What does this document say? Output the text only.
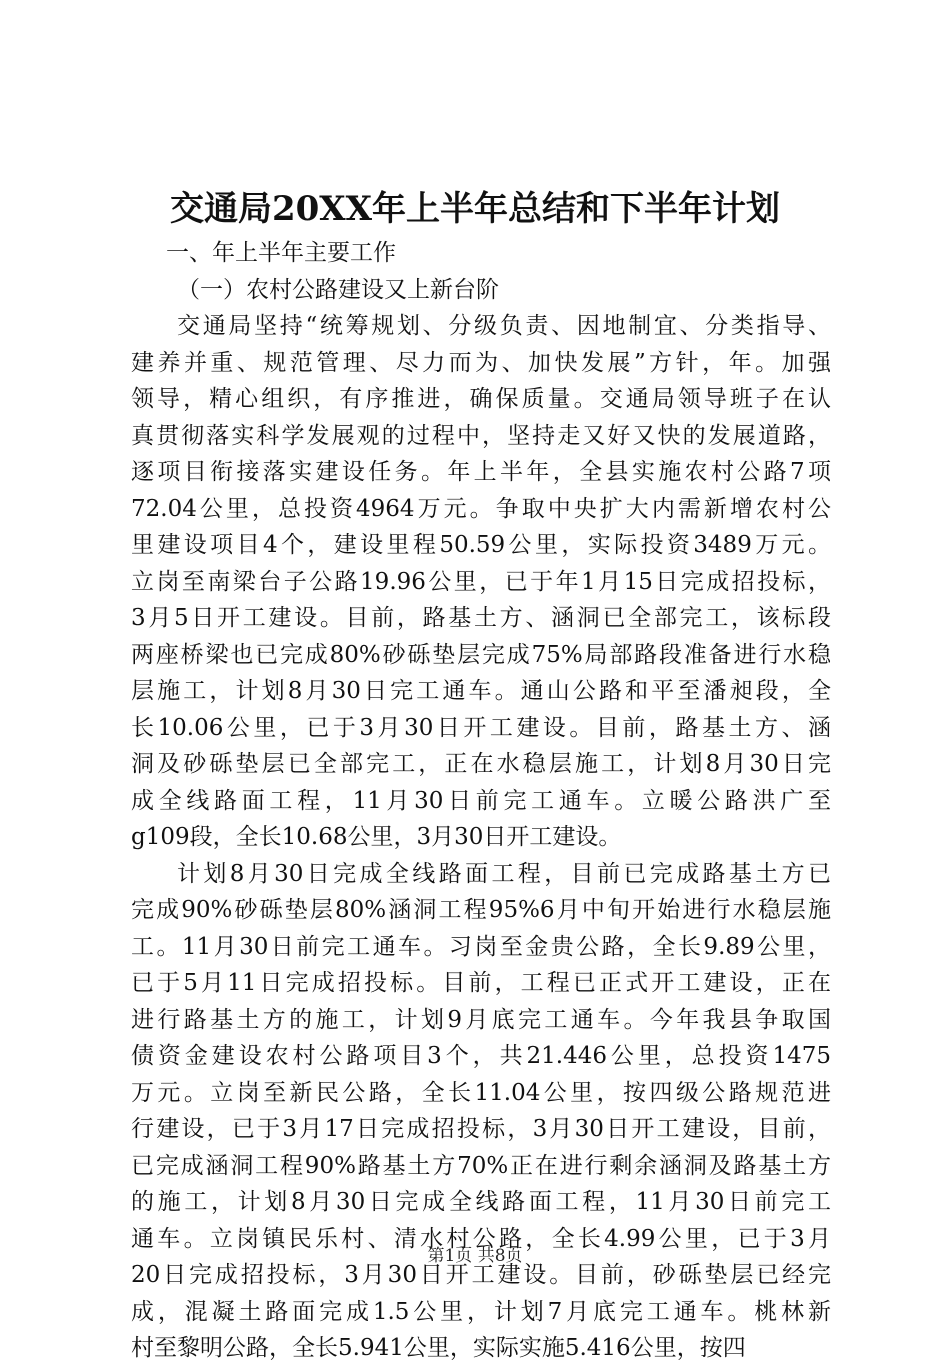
交通局20XX年上半年总结和下半年计划
一、年上半年主要工作
（一）农村公路建设又上新台阶
交通局坚持“统筹规划、分级负责、因地制宜、分类指导、
建养并重、规范管理、尽力而为、加快发展”方针，年。加强
领导，精心组织，有序推进，确保质量。交通局领导班子在认
真贯彻落实科学发展观的过程中，坚持走又好又快的发展道路，
逐项目衔接落实建设任务。年上半年，全县实施农村公路7项
72.04公里，总投资4964万元。争取中央扩大内需新增农村公
里建设项目4个，建设里程50.59公里，实际投资3489万元。
立岗至南梁台子公路19.96公里，已于年1月15日完成招投标，
3月5日开工建设。目前，路基土方、涵洞已全部完工，该标段
两座桥梁也已完成80%砂砾垫层完成75%局部路段准备进行水稳
层施工，计划8月30日完工通车。通山公路和平至潘昶段，全
长10.06公里，已于3月30日开工建设。目前，路基土方、涵
洞及砂砾垫层已全部完工，正在水稳层施工，计划8月30日完
成全线路面工程，11月30日前完工通车。立暖公路洪广至
g109段，全长10.68公里，3月30日开工建设。
计划8月30日完成全线路面工程，目前已完成路基土方已
完成90%砂砾垫层80%涵洞工程95%6月中旬开始进行水稳层施
工。11月30日前完工通车。习岗至金贵公路，全长9.89公里，
已于5月11日完成招投标。目前，工程已正式开工建设，正在
进行路基土方的施工，计划9月底完工通车。今年我县争取国
债资金建设农村公路项目3个，共21.446公里，总投资1475
万元。立岗至新民公路，全长11.04公里，按四级公路规范进
行建设，已于3月17日完成招投标，3月30日开工建设，目前，
已完成涵洞工程90%路基土方70%正在进行剩余涵洞及路基土方
的施工，计划8月30日完成全线路面工程，11月30日前完工
通车。立岗镇民乐村、清水村公路，全长4.99公里，已于3月
20日完成招投标，3月30日开工建设。目前，砂砾垫层已经完
成，混凝土路面完成1.5公里，计划7月底完工通车。桃林新
村至黎明公路，全长5.941公里，实际实施5.416公里，按四
第1页 共8页
